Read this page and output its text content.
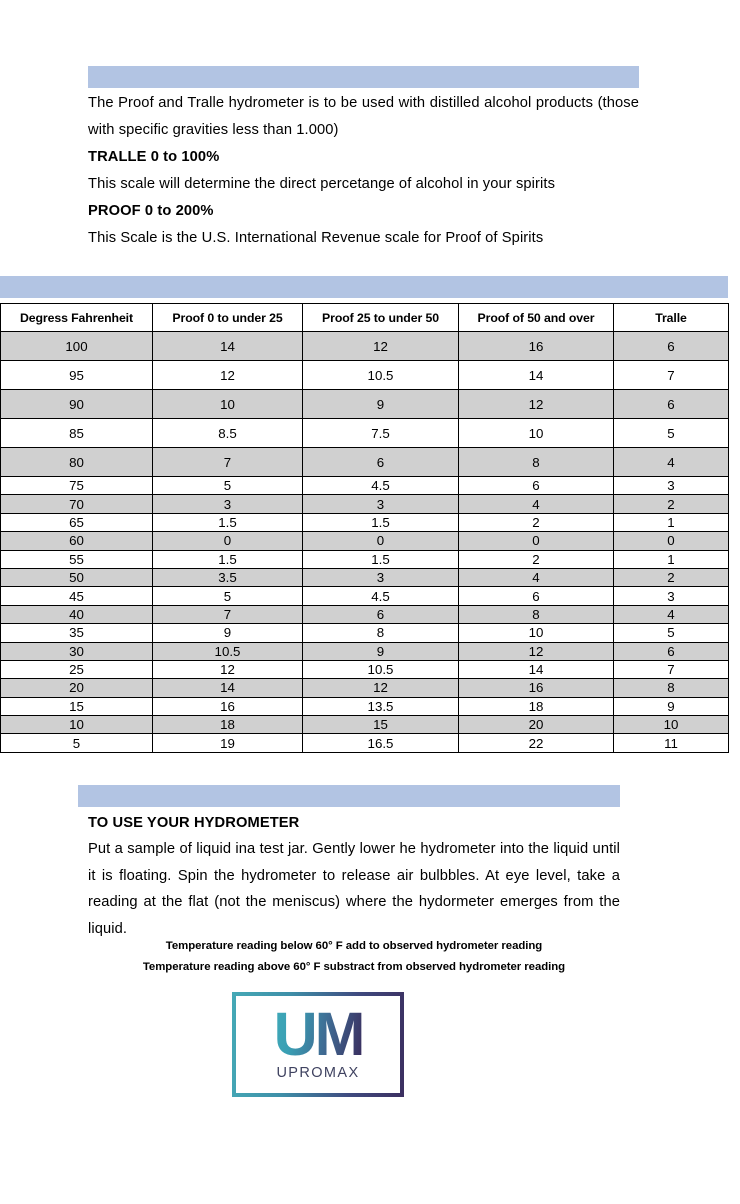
The Proof and Tralle hydrometer is to be used with distilled alcohol products (those with specific gravities less than 1.000)

TRALLE 0 to 100%

This scale will determine the direct percetange of alcohol in your spirits

PROOF 0 to 200%

This Scale is the U.S. International Revenue scale for Proof of Spirits

Degress Fahrenheit	Proof 0 to under 25	Proof 25 to under 50	Proof of 50 and over	Tralle
100	14	12	16	6
95	12	10.5	14	7
90	10	9	12	6
85	8.5	7.5	10	5
80	7	6	8	4
75	5	4.5	6	3
70	3	3	4	2
65	1.5	1.5	2	1
60	0	0	0	0
55	1.5	1.5	2	1
50	3.5	3	4	2
45	5	4.5	6	3
40	7	6	8	4
35	9	8	10	5
30	10.5	9	12	6
25	12	10.5	14	7
20	14	12	16	8
15	16	13.5	18	9
10	18	15	20	10
5	19	16.5	22	11
TO USE YOUR HYDROMETER
Put a sample of liquid ina test jar. Gently lower he hydrometer into the liquid until it is floating. Spin the hydrometer to release air bulbbles. At eye level, take a reading at the flat (not the meniscus) where the hydormeter emerges from the liquid.
Temperature reading below 60° F add to observed hydrometer reading
Temperature reading above 60° F substract from observed hydrometer reading
UM
UPROMAX
